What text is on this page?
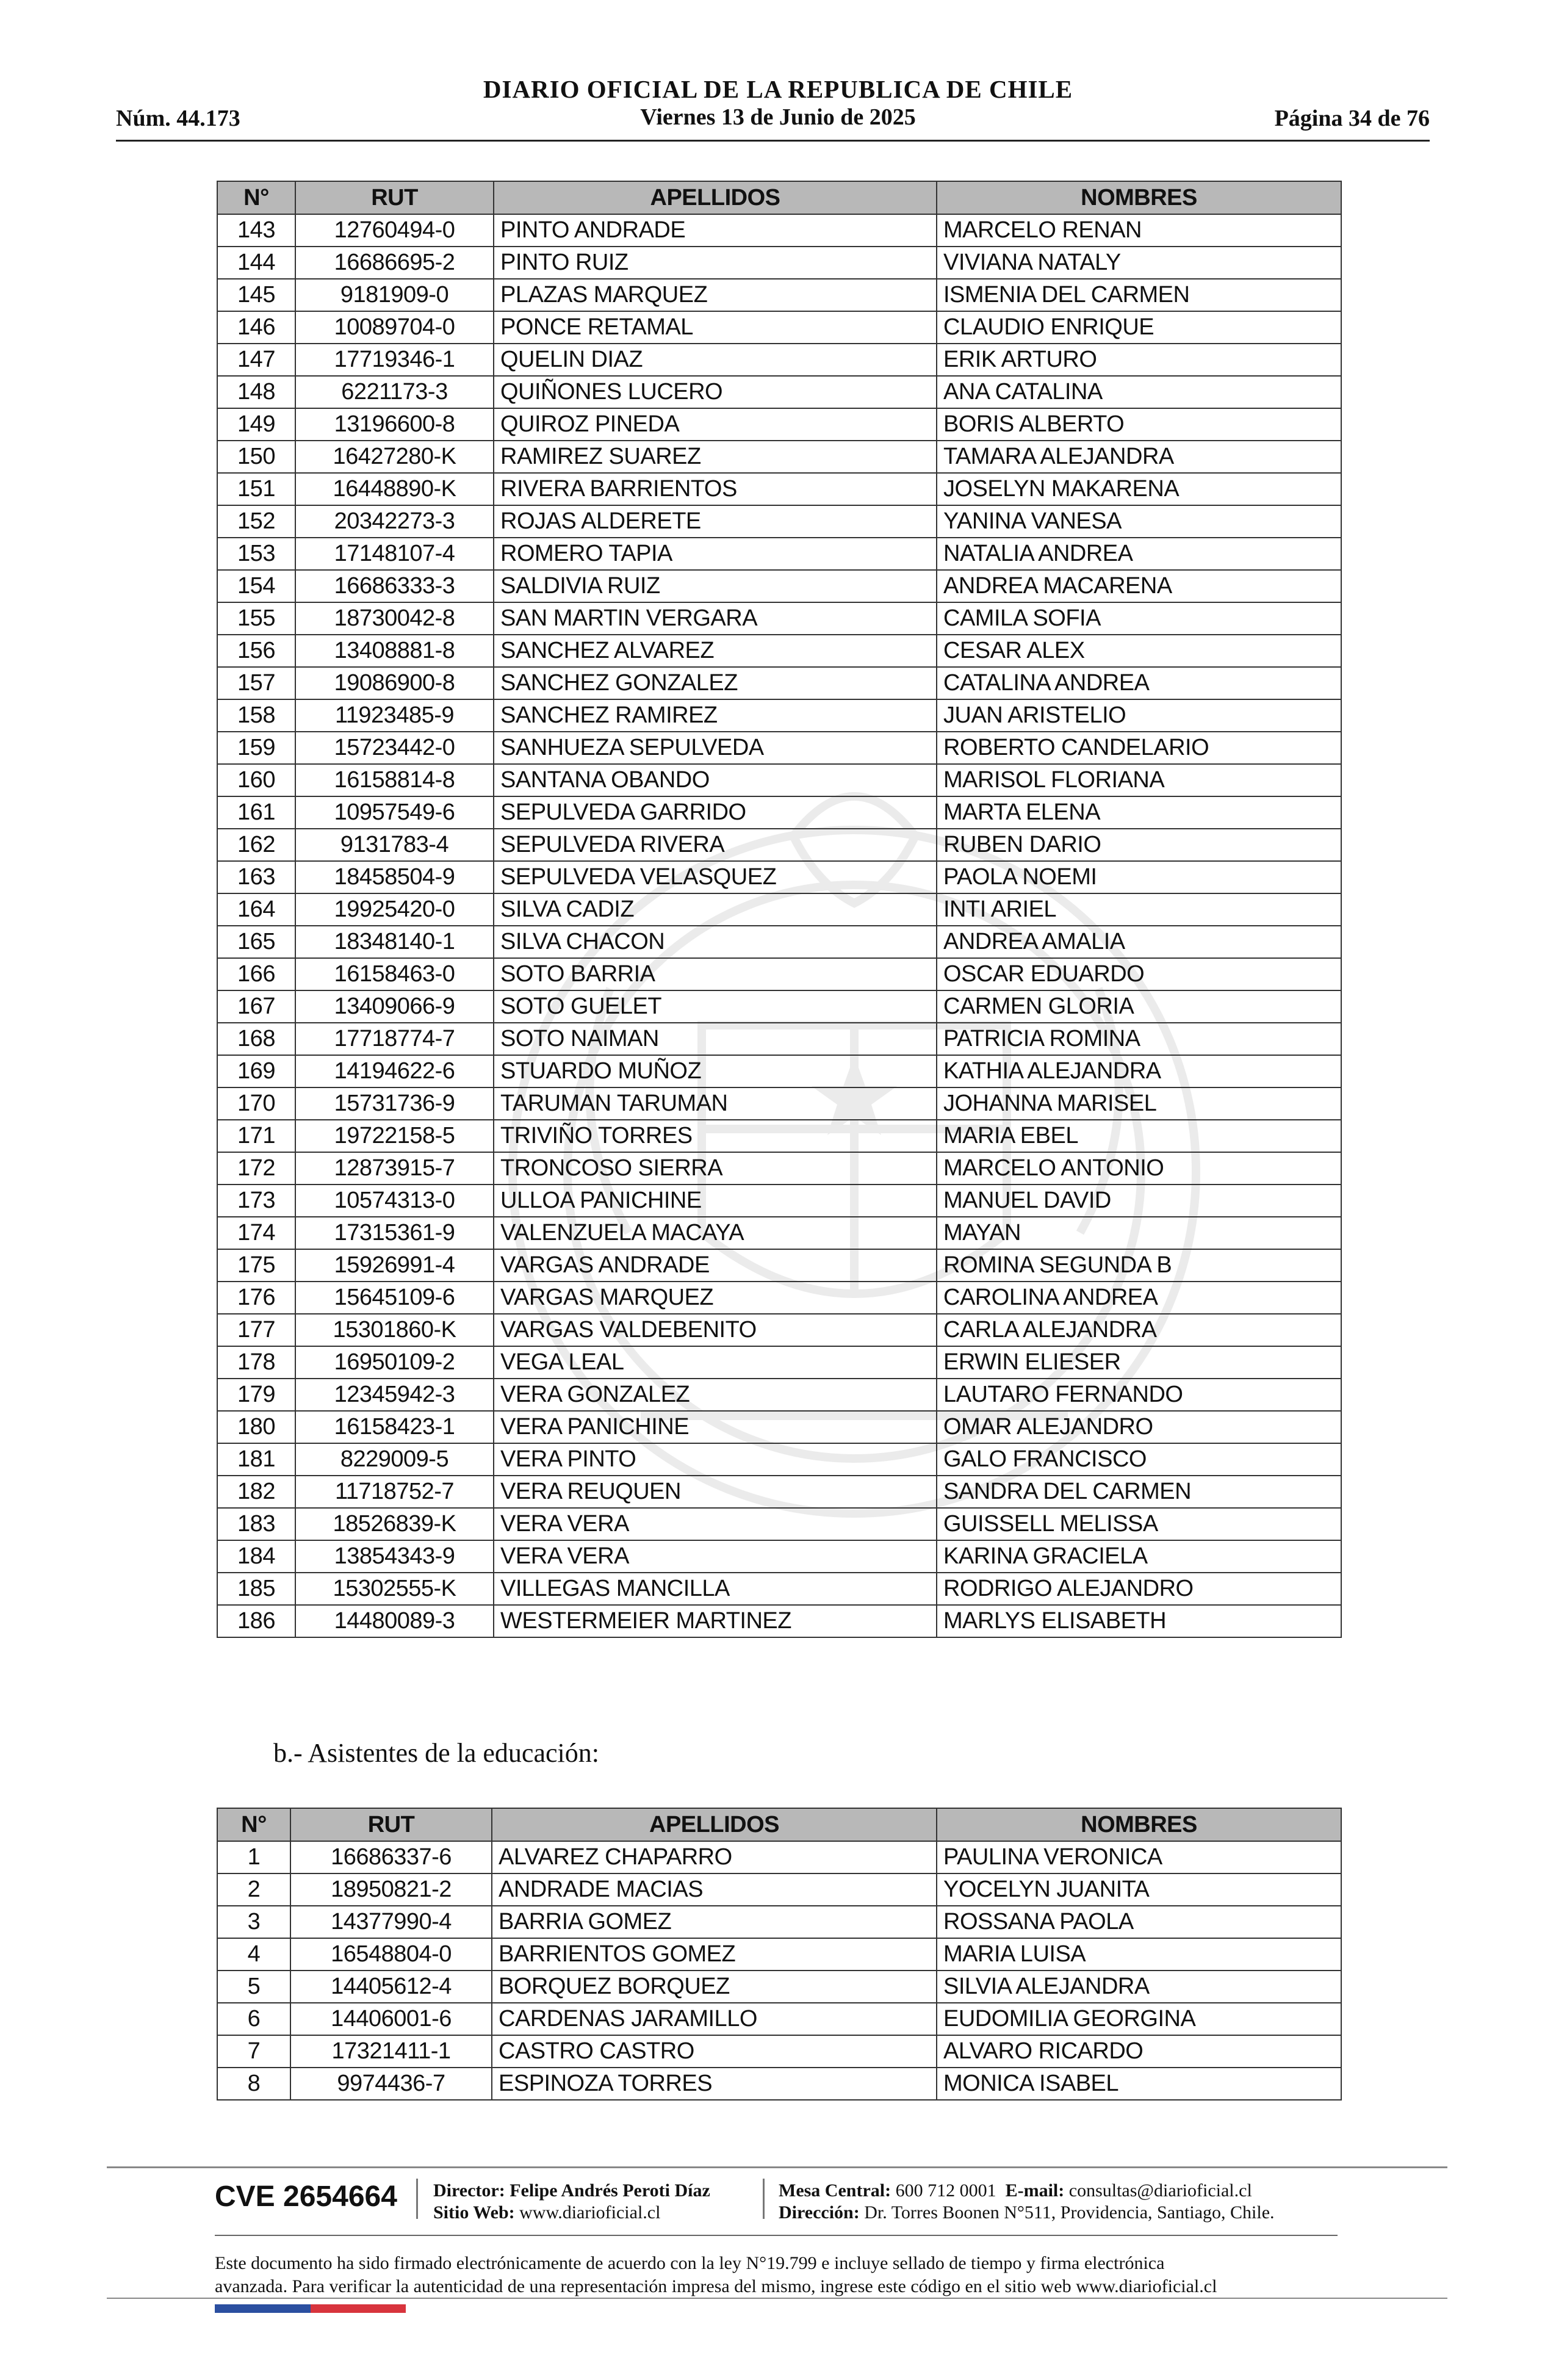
DIARIO OFICIAL DE LA REPUBLICA DE CHILE
Núm. 44.173	Viernes 13 de Junio de 2025	Página 34 de 76
N°	RUT	APELLIDOS	NOMBRES
143	12760494-0	PINTO ANDRADE	MARCELO RENAN
144	16686695-2	PINTO RUIZ	VIVIANA NATALY
145	9181909-0	PLAZAS MARQUEZ	ISMENIA DEL CARMEN
146	10089704-0	PONCE RETAMAL	CLAUDIO ENRIQUE
147	17719346-1	QUELIN DIAZ	ERIK ARTURO
148	6221173-3	QUIÑONES LUCERO	ANA CATALINA
149	13196600-8	QUIROZ PINEDA	BORIS ALBERTO
150	16427280-K	RAMIREZ SUAREZ	TAMARA ALEJANDRA
151	16448890-K	RIVERA BARRIENTOS	JOSELYN MAKARENA
152	20342273-3	ROJAS ALDERETE	YANINA VANESA
153	17148107-4	ROMERO TAPIA	NATALIA ANDREA
154	16686333-3	SALDIVIA RUIZ	ANDREA MACARENA
155	18730042-8	SAN MARTIN VERGARA	CAMILA SOFIA
156	13408881-8	SANCHEZ ALVAREZ	CESAR ALEX
157	19086900-8	SANCHEZ GONZALEZ	CATALINA ANDREA
158	11923485-9	SANCHEZ RAMIREZ	JUAN ARISTELIO
159	15723442-0	SANHUEZA SEPULVEDA	ROBERTO CANDELARIO
160	16158814-8	SANTANA OBANDO	MARISOL FLORIANA
161	10957549-6	SEPULVEDA GARRIDO	MARTA ELENA
162	9131783-4	SEPULVEDA RIVERA	RUBEN DARIO
163	18458504-9	SEPULVEDA VELASQUEZ	PAOLA NOEMI
164	19925420-0	SILVA CADIZ	INTI ARIEL
165	18348140-1	SILVA CHACON	ANDREA AMALIA
166	16158463-0	SOTO BARRIA	OSCAR EDUARDO
167	13409066-9	SOTO GUELET	CARMEN GLORIA
168	17718774-7	SOTO NAIMAN	PATRICIA ROMINA
169	14194622-6	STUARDO MUÑOZ	KATHIA ALEJANDRA
170	15731736-9	TARUMAN TARUMAN	JOHANNA MARISEL
171	19722158-5	TRIVIÑO TORRES	MARIA EBEL
172	12873915-7	TRONCOSO SIERRA	MARCELO ANTONIO
173	10574313-0	ULLOA PANICHINE	MANUEL DAVID
174	17315361-9	VALENZUELA MACAYA	MAYAN
175	15926991-4	VARGAS ANDRADE	ROMINA SEGUNDA B
176	15645109-6	VARGAS MARQUEZ	CAROLINA ANDREA
177	15301860-K	VARGAS VALDEBENITO	CARLA ALEJANDRA
178	16950109-2	VEGA LEAL	ERWIN ELIESER
179	12345942-3	VERA GONZALEZ	LAUTARO FERNANDO
180	16158423-1	VERA PANICHINE	OMAR ALEJANDRO
181	8229009-5	VERA PINTO	GALO FRANCISCO
182	11718752-7	VERA REUQUEN	SANDRA DEL CARMEN
183	18526839-K	VERA VERA	GUISSELL MELISSA
184	13854343-9	VERA VERA	KARINA GRACIELA
185	15302555-K	VILLEGAS MANCILLA	RODRIGO ALEJANDRO
186	14480089-3	WESTERMEIER MARTINEZ	MARLYS ELISABETH
b.- Asistentes de la educación:
N°	RUT	APELLIDOS	NOMBRES
1	16686337-6	ALVAREZ CHAPARRO	PAULINA VERONICA
2	18950821-2	ANDRADE MACIAS	YOCELYN JUANITA
3	14377990-4	BARRIA GOMEZ	ROSSANA PAOLA
4	16548804-0	BARRIENTOS GOMEZ	MARIA LUISA
5	14405612-4	BORQUEZ BORQUEZ	SILVIA ALEJANDRA
6	14406001-6	CARDENAS JARAMILLO	EUDOMILIA GEORGINA
7	17321411-1	CASTRO CASTRO	ALVARO RICARDO
8	9974436-7	ESPINOZA TORRES	MONICA ISABEL
CVE 2654664 Director: Felipe Andrés Peroti Díaz
Sitio Web: www.diarioficial.cl
Mesa Central: 600 712 0001 E-mail: consultas@diarioficial.cl
Dirección: Dr. Torres Boonen N°511, Providencia, Santiago, Chile.
Este documento ha sido firmado electrónicamente de acuerdo con la ley N°19.799 e incluye sellado de tiempo y firma electrónica
avanzada. Para verificar la autenticidad de una representación impresa del mismo, ingrese este código en el sitio web www.diarioficial.cl
